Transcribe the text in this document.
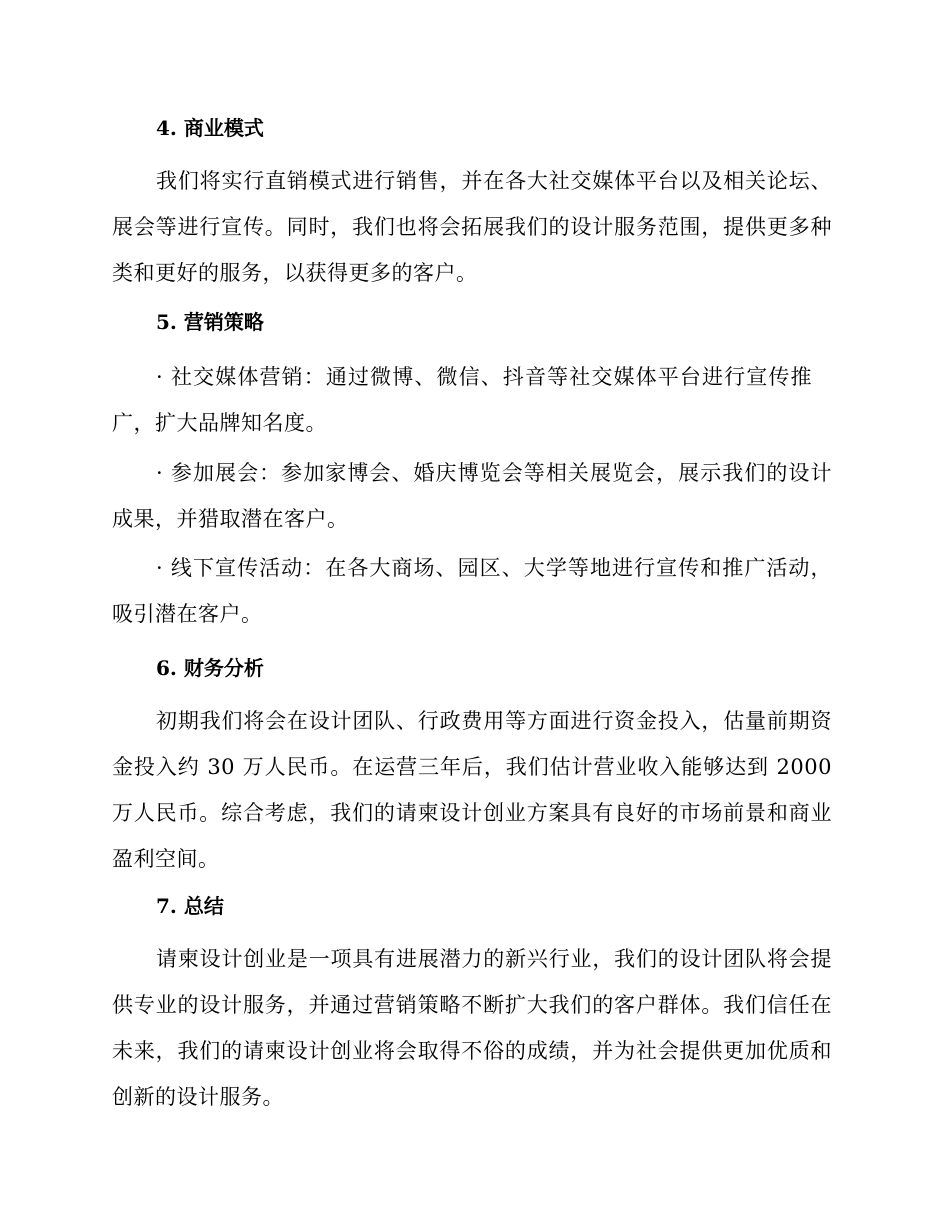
4. 商业模式

我们将实行直销模式进行销售，并在各大社交媒体平台以及相关论坛、展会等进行宣传。同时，我们也将会拓展我们的设计服务范围，提供更多种类和更好的服务，以获得更多的客户。

5. 营销策略

· 社交媒体营销：通过微博、微信、抖音等社交媒体平台进行宣传推广，扩大品牌知名度。

· 参加展会：参加家博会、婚庆博览会等相关展览会，展示我们的设计成果，并猎取潜在客户。

· 线下宣传活动：在各大商场、园区、大学等地进行宣传和推广活动，吸引潜在客户。

6. 财务分析

初期我们将会在设计团队、行政费用等方面进行资金投入，估量前期资金投入约 30 万人民币。在运营三年后，我们估计营业收入能够达到 2000 万人民币。综合考虑，我们的请柬设计创业方案具有良好的市场前景和商业盈利空间。

7. 总结

请柬设计创业是一项具有进展潜力的新兴行业，我们的设计团队将会提供专业的设计服务，并通过营销策略不断扩大我们的客户群体。我们信任在未来，我们的请柬设计创业将会取得不俗的成绩，并为社会提供更加优质和创新的设计服务。
